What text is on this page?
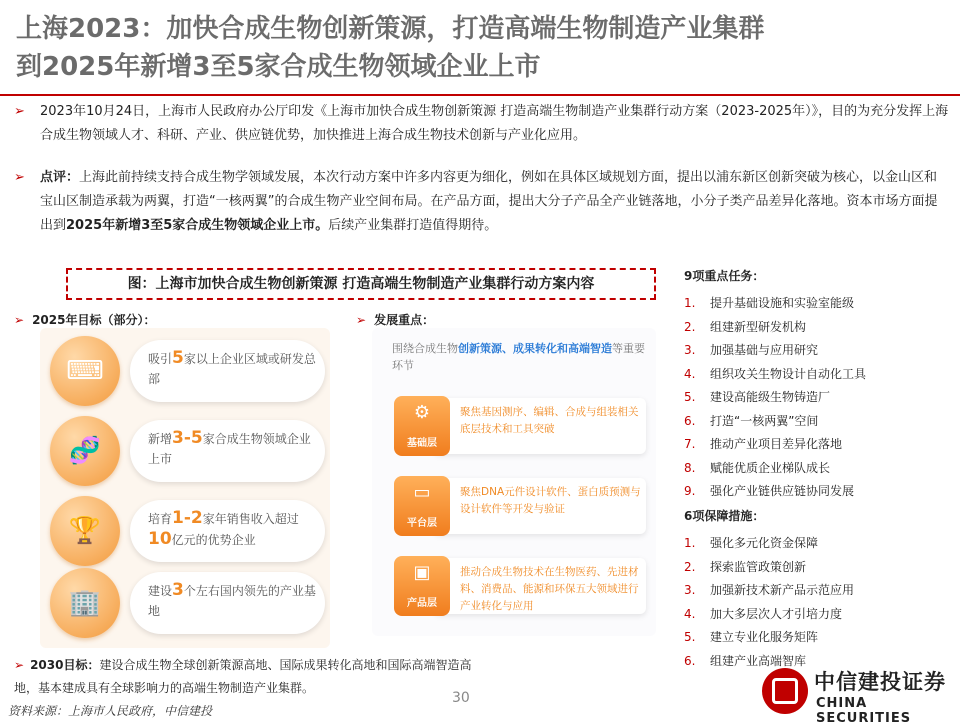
上海2023：加快合成生物创新策源，打造高端生物制造产业集群
到2025年新增3至5家合成生物领域企业上市
➢ 2023年10月24日，上海市人民政府办公厅印发《上海市加快合成生物创新策源 打造高端生物制造产业集群行动方案（2023-2025年）》，目的为充分发挥上海合成生物领域人才、科研、产业、供应链优势，加快推进上海合成生物技术创新与产业化应用。
➢ 点评：上海此前持续支持合成生物学领域发展，本次行动方案中许多内容更为细化，例如在具体区域规划方面，提出以浦东新区创新突破为核心，以金山区和宝山区制造承载为两翼，打造“一核两翼”的合成生物产业空间布局。在产品方面，提出大分子产品全产业链落地，小分子类产品差异化落地。资本市场方面提出到2025年新增3至5家合成生物领域企业上市。后续产业集群打造值得期待。
图：上海市加快合成生物创新策源 打造高端生物制造产业集群行动方案内容
➢ 2025年目标（部分）：	➢ 发展重点：
⌨	吸引5家以上企业区域或研发总部
🧬	新增3-5家合成生物领域企业上市
🏆	培育1-2家年销售收入超过
10亿元的优势企业
🏢	建设3个左右国内领先的产业基地
围绕合成生物创新策源、成果转化和高端智造等重要环节
⚙
基础层
聚焦基因测序、编辑、合成与组装相关底层技术和工具突破
▭
平台层
聚焦DNA元件设计软件、蛋白质预测与设计软件等开发与验证
▣
产品层
推动合成生物技术在生物医药、先进材料、消费品、能源和环保五大领域进行产业转化与应用
9项重点任务：
1. 提升基础设施和实验室能级
2. 组建新型研发机构
3. 加强基础与应用研究
4. 组织攻关生物设计自动化工具
5. 建设高能级生物铸造厂
6. 打造“一核两翼”空间
7. 推动产业项目差异化落地
8. 赋能优质企业梯队成长
9. 强化产业链供应链协同发展
6项保障措施：
1. 强化多元化资金保障
2. 探索监管政策创新
3. 加强新技术新产品示范应用
4. 加大多层次人才引培力度
5. 建立专业化服务矩阵
6. 组建产业高端智库
➢ 2030目标：建设合成生物全球创新策源高地、国际成果转化高地和国际高端智造高地，基本建成具有全球影响力的高端生物制造产业集群。
30
资料来源：上海市人民政府，中信建投
中信建投证券
CHINA SECURITIES
